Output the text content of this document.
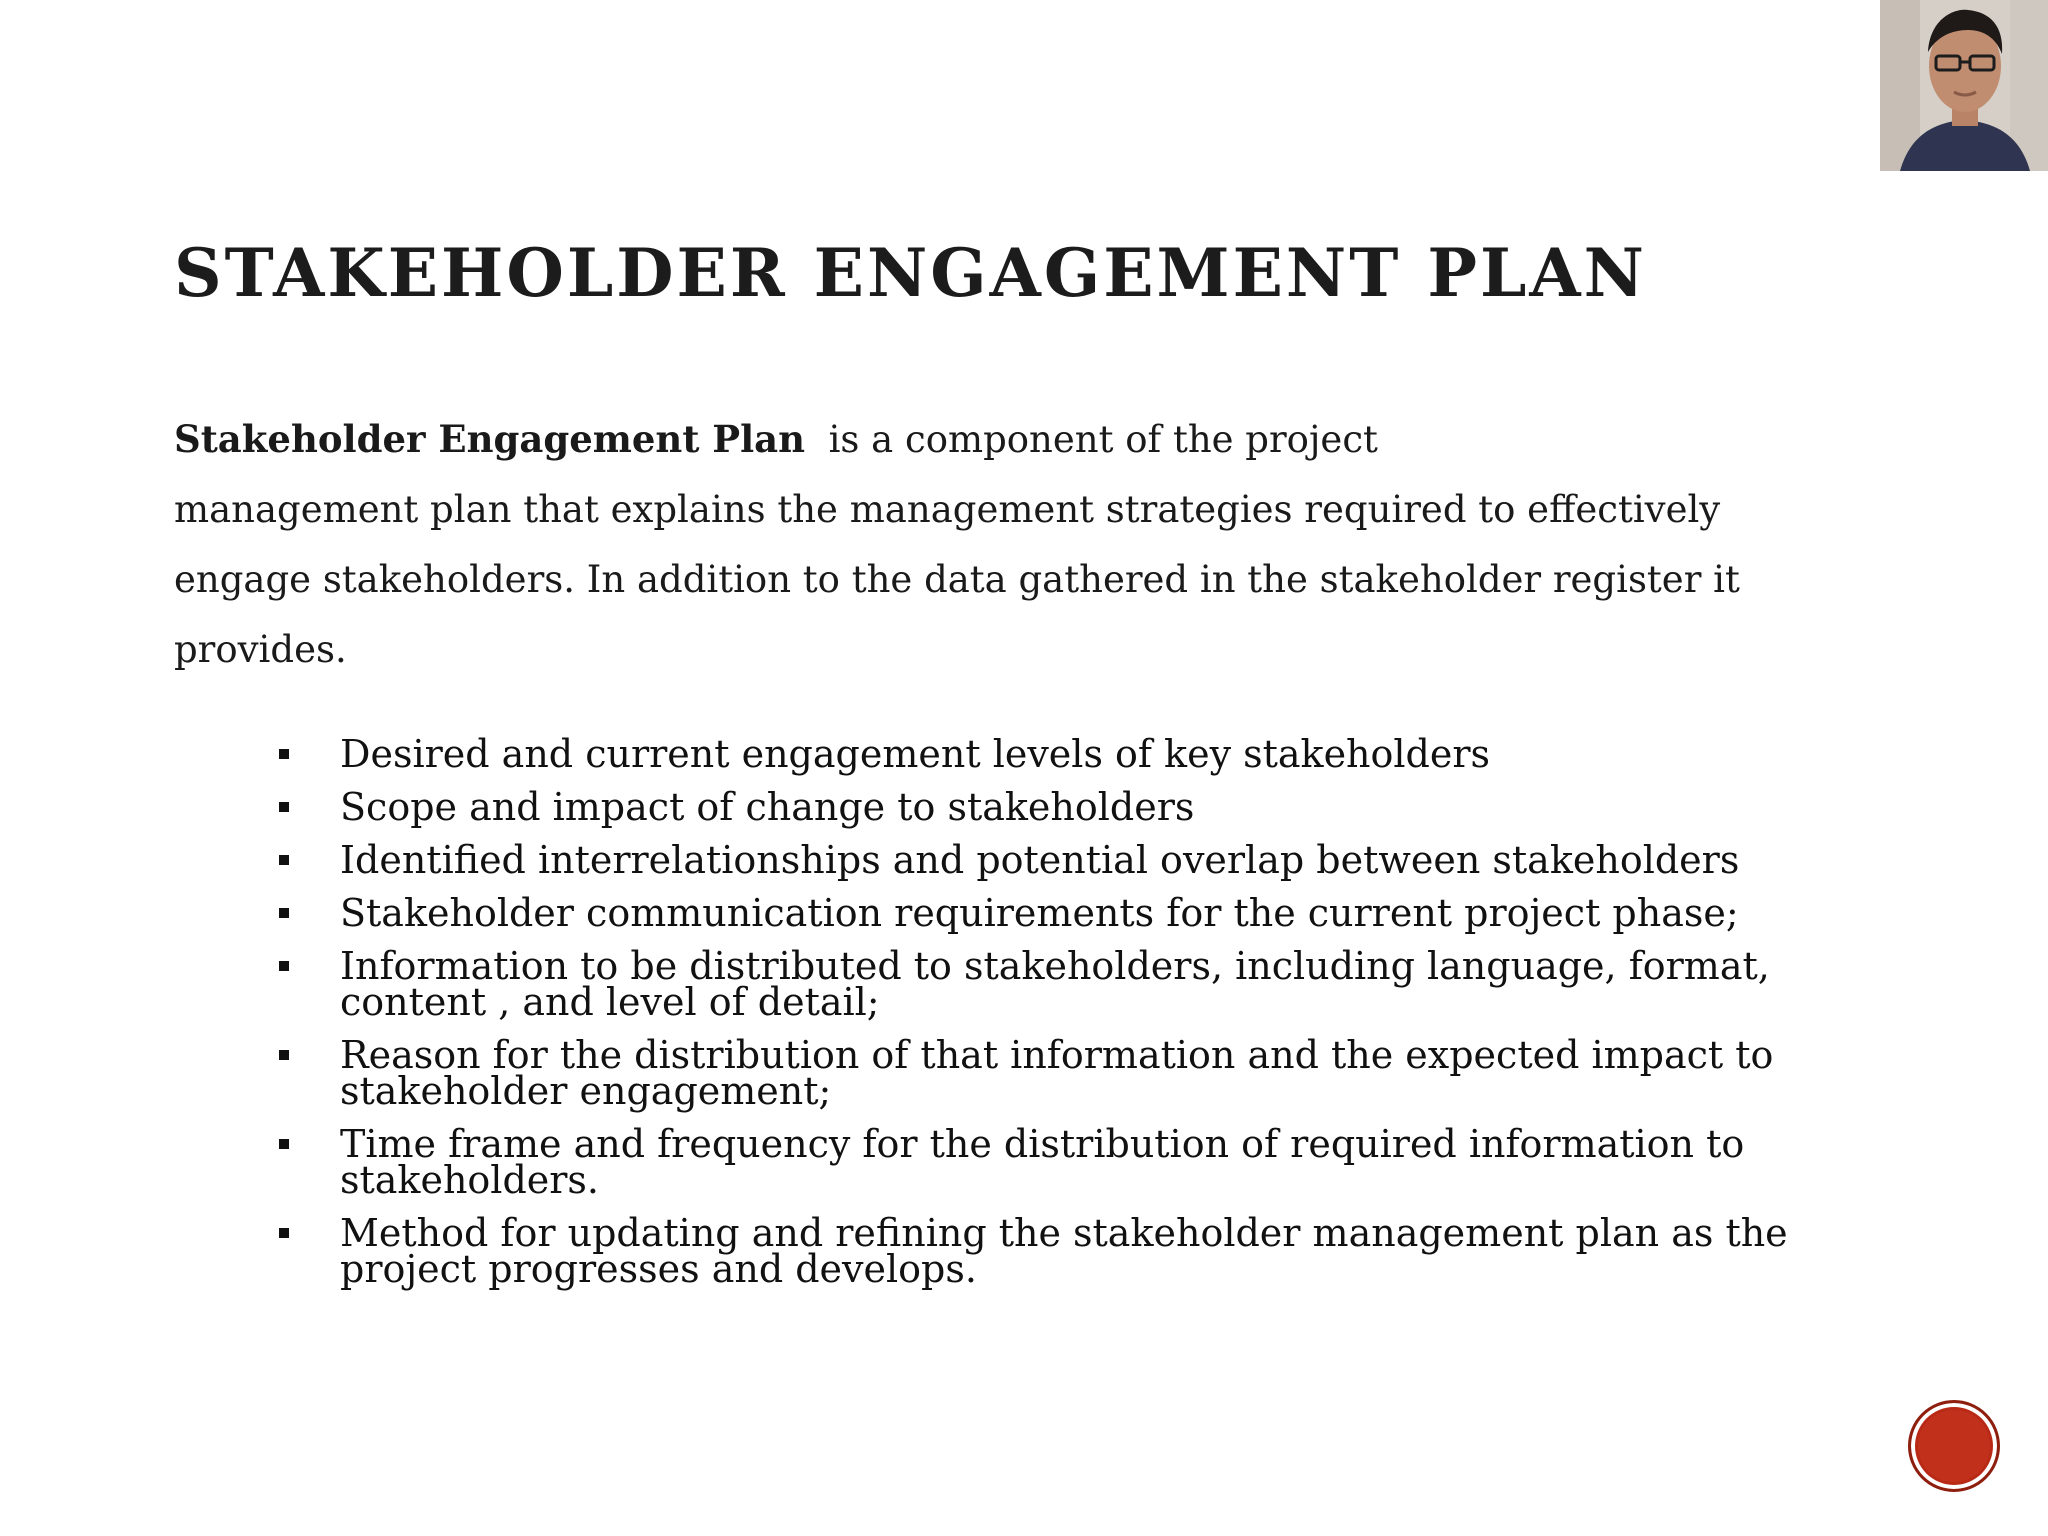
STAKEHOLDER ENGAGEMENT PLAN
Stakeholder Engagement Plan  is a component of the project
management plan that explains the management strategies required to effectively
engage stakeholders. In addition to the data gathered in the stakeholder register it
provides.
Desired and current engagement levels of key stakeholders
Scope and impact of change to stakeholders
Identified interrelationships and potential overlap between stakeholders
Stakeholder communication requirements for the current project phase;
Information to be distributed to stakeholders, including language, format,
content , and level of detail;
Reason for the distribution of that information and the expected impact to
stakeholder engagement;
Time frame and frequency for the distribution of required information to
stakeholders.
Method for updating and refining the stakeholder management plan as the
project progresses and develops.
